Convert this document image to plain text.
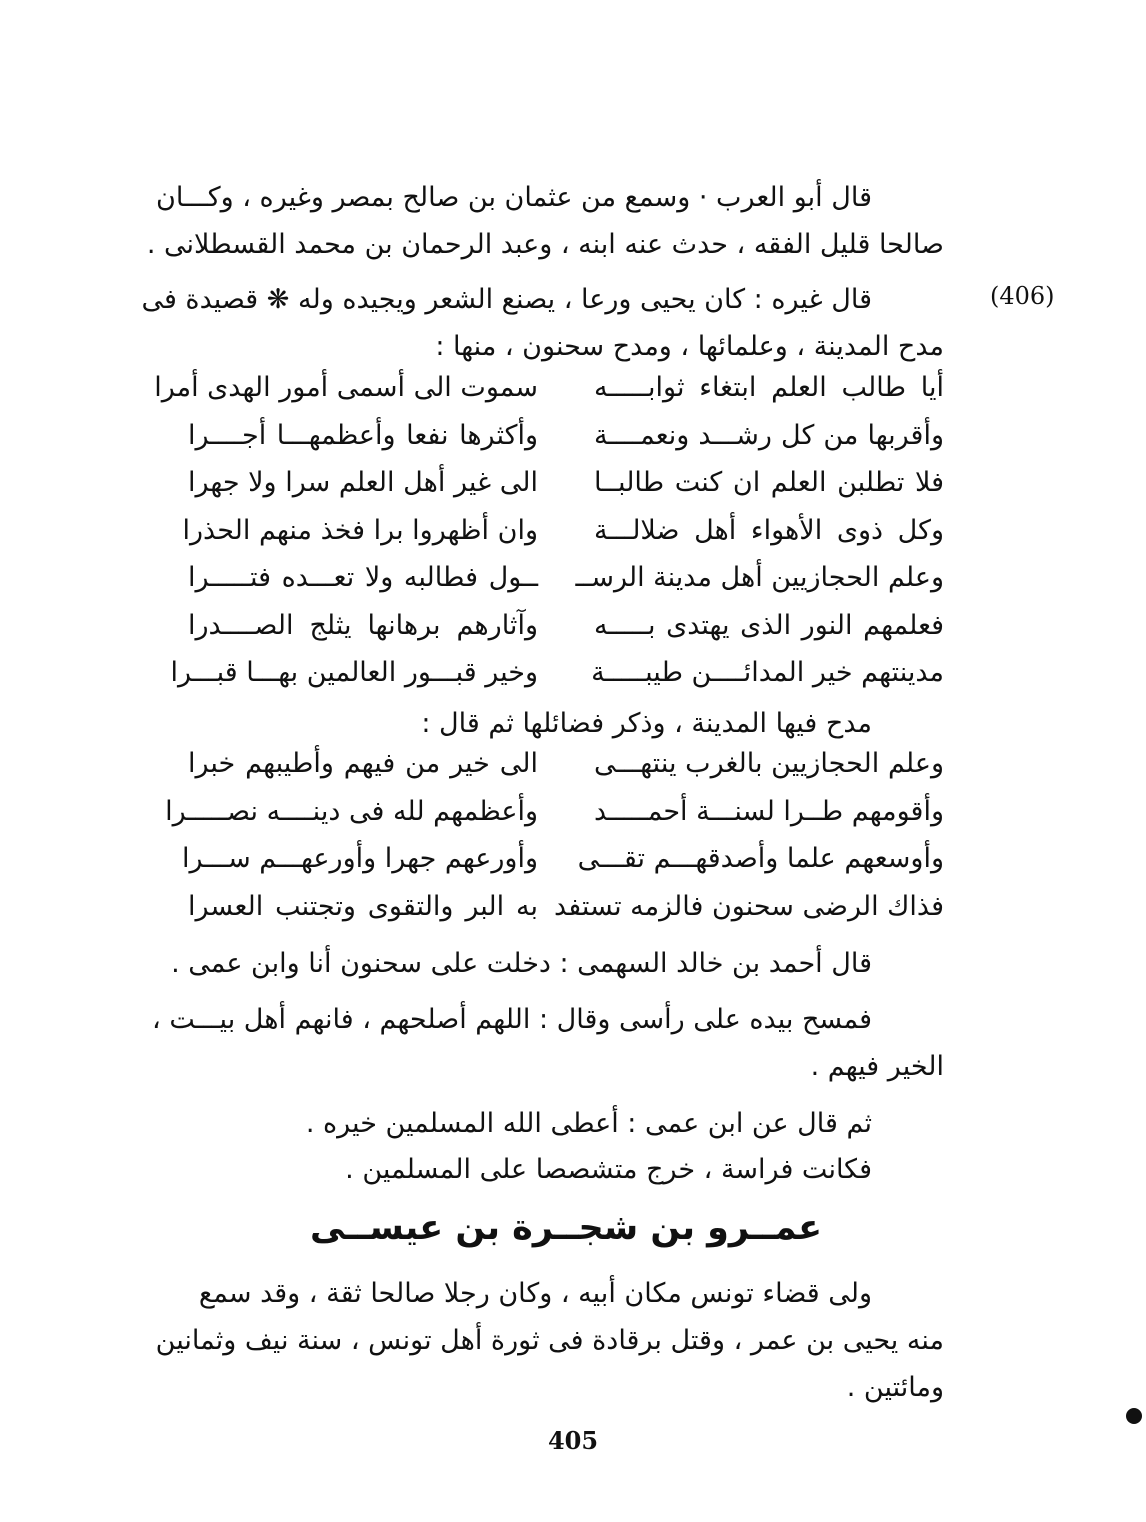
قال أبو العرب · وسمع من عثمان بن صالح بمصر وغيره ، وكـــان

صالحا قليل الفقه ، حدث عنه ابنه ، وعبد الرحمان بن محمد القسطلانى .

(406)

قال غيره : كان يحيى ورعا ، يصنع الشعر ويجيده وله ❋ قصيدة فى

مدح المدينة ، وعلمائها ، ومدح سحنون ، منها :

أيا طالب العلم ابتغاء ثوابـــــه
سموت الى أسمى أمور الهدى أمرا
وأقربها من كل رشـــد ونعمــــة
وأكثرها نفعا وأعظمهـــا أجــــرا
فلا تطلبن العلم ان كنت طالبــا
الى غير أهل العلم سرا ولا جهرا
وكل ذوى الأهواء أهل ضلالـــة
وان أظهروا برا فخذ منهم الحذرا
وعلم الحجازيين أهل مدينة الرســ
ــول فطالبه ولا تعـــده فتـــــرا
فعلمهم النور الذى يهتدى بـــــه
وآثارهم برهانها يثلج الصــــدرا
مدينتهم خير المدائــــن طيبـــــة
وخير قبـــور العالمين بهـــا قبـــرا

مدح فيها المدينة ، وذكر فضائلها ثم قال :

وعلم الحجازيين بالغرب ينتهـــى
الى خير من فيهم وأطيبهم خبرا
وأقومهم طــرا لسنـــة أحمـــــد
وأعظمهم لله فى دينــــه نصـــــرا
وأوسعهم علما وأصدقهـــم تقـــى
وأورعهم جهرا وأورعهـــم ســـرا
فذاك الرضى سحنون فالزمه تستفد
به البر والتقوى وتجتنب العسرا

قال أحمد بن خالد السهمى : دخلت على سحنون أنا وابن عمى .

فمسح بيده على رأسى وقال : اللهم أصلحهم ، فانهم أهل بيـــت ،

الخير فيهم .

ثم قال عن ابن عمى : أعطى الله المسلمين خيره .

فكانت فراسة ، خرج متشصصا على المسلمين .

عمــرو بن شجــرة بن عيســى

ولى قضاء تونس مكان أبيه ، وكان رجلا صالحا ثقة ، وقد سمع

منه يحيى بن عمر ، وقتل برقادة فى ثورة أهل تونس ، سنة نيف وثمانين

ومائتين .

405
